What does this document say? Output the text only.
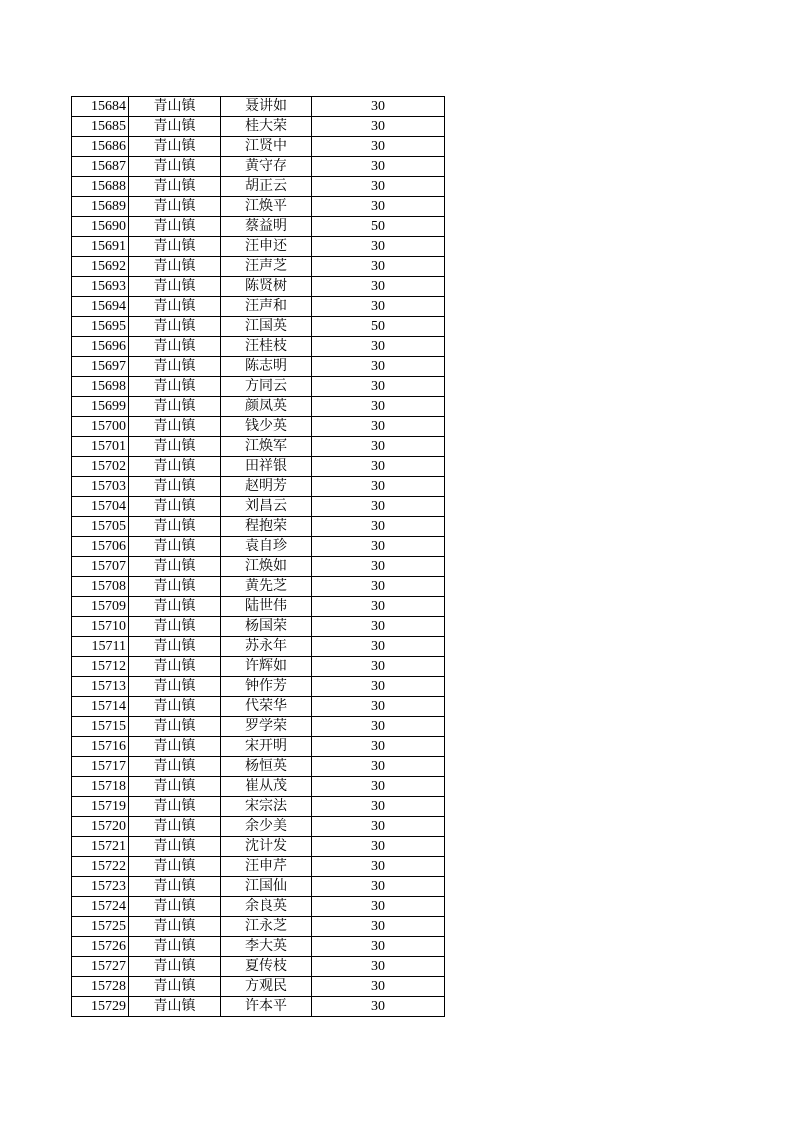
15684	青山镇	聂讲如	30
15685	青山镇	桂大荣	30
15686	青山镇	江贤中	30
15687	青山镇	黄守存	30
15688	青山镇	胡正云	30
15689	青山镇	江焕平	30
15690	青山镇	蔡益明	50
15691	青山镇	汪申还	30
15692	青山镇	汪声芝	30
15693	青山镇	陈贤树	30
15694	青山镇	汪声和	30
15695	青山镇	江国英	50
15696	青山镇	汪桂枝	30
15697	青山镇	陈志明	30
15698	青山镇	方同云	30
15699	青山镇	颜凤英	30
15700	青山镇	钱少英	30
15701	青山镇	江焕军	30
15702	青山镇	田祥银	30
15703	青山镇	赵明芳	30
15704	青山镇	刘昌云	30
15705	青山镇	程抱荣	30
15706	青山镇	袁自珍	30
15707	青山镇	江焕如	30
15708	青山镇	黄先芝	30
15709	青山镇	陆世伟	30
15710	青山镇	杨国荣	30
15711	青山镇	苏永年	30
15712	青山镇	许辉如	30
15713	青山镇	钟作芳	30
15714	青山镇	代荣华	30
15715	青山镇	罗学荣	30
15716	青山镇	宋开明	30
15717	青山镇	杨恒英	30
15718	青山镇	崔从茂	30
15719	青山镇	宋宗法	30
15720	青山镇	余少美	30
15721	青山镇	沈计发	30
15722	青山镇	汪申芹	30
15723	青山镇	江国仙	30
15724	青山镇	余良英	30
15725	青山镇	江永芝	30
15726	青山镇	李大英	30
15727	青山镇	夏传枝	30
15728	青山镇	方观民	30
15729	青山镇	许本平	30
